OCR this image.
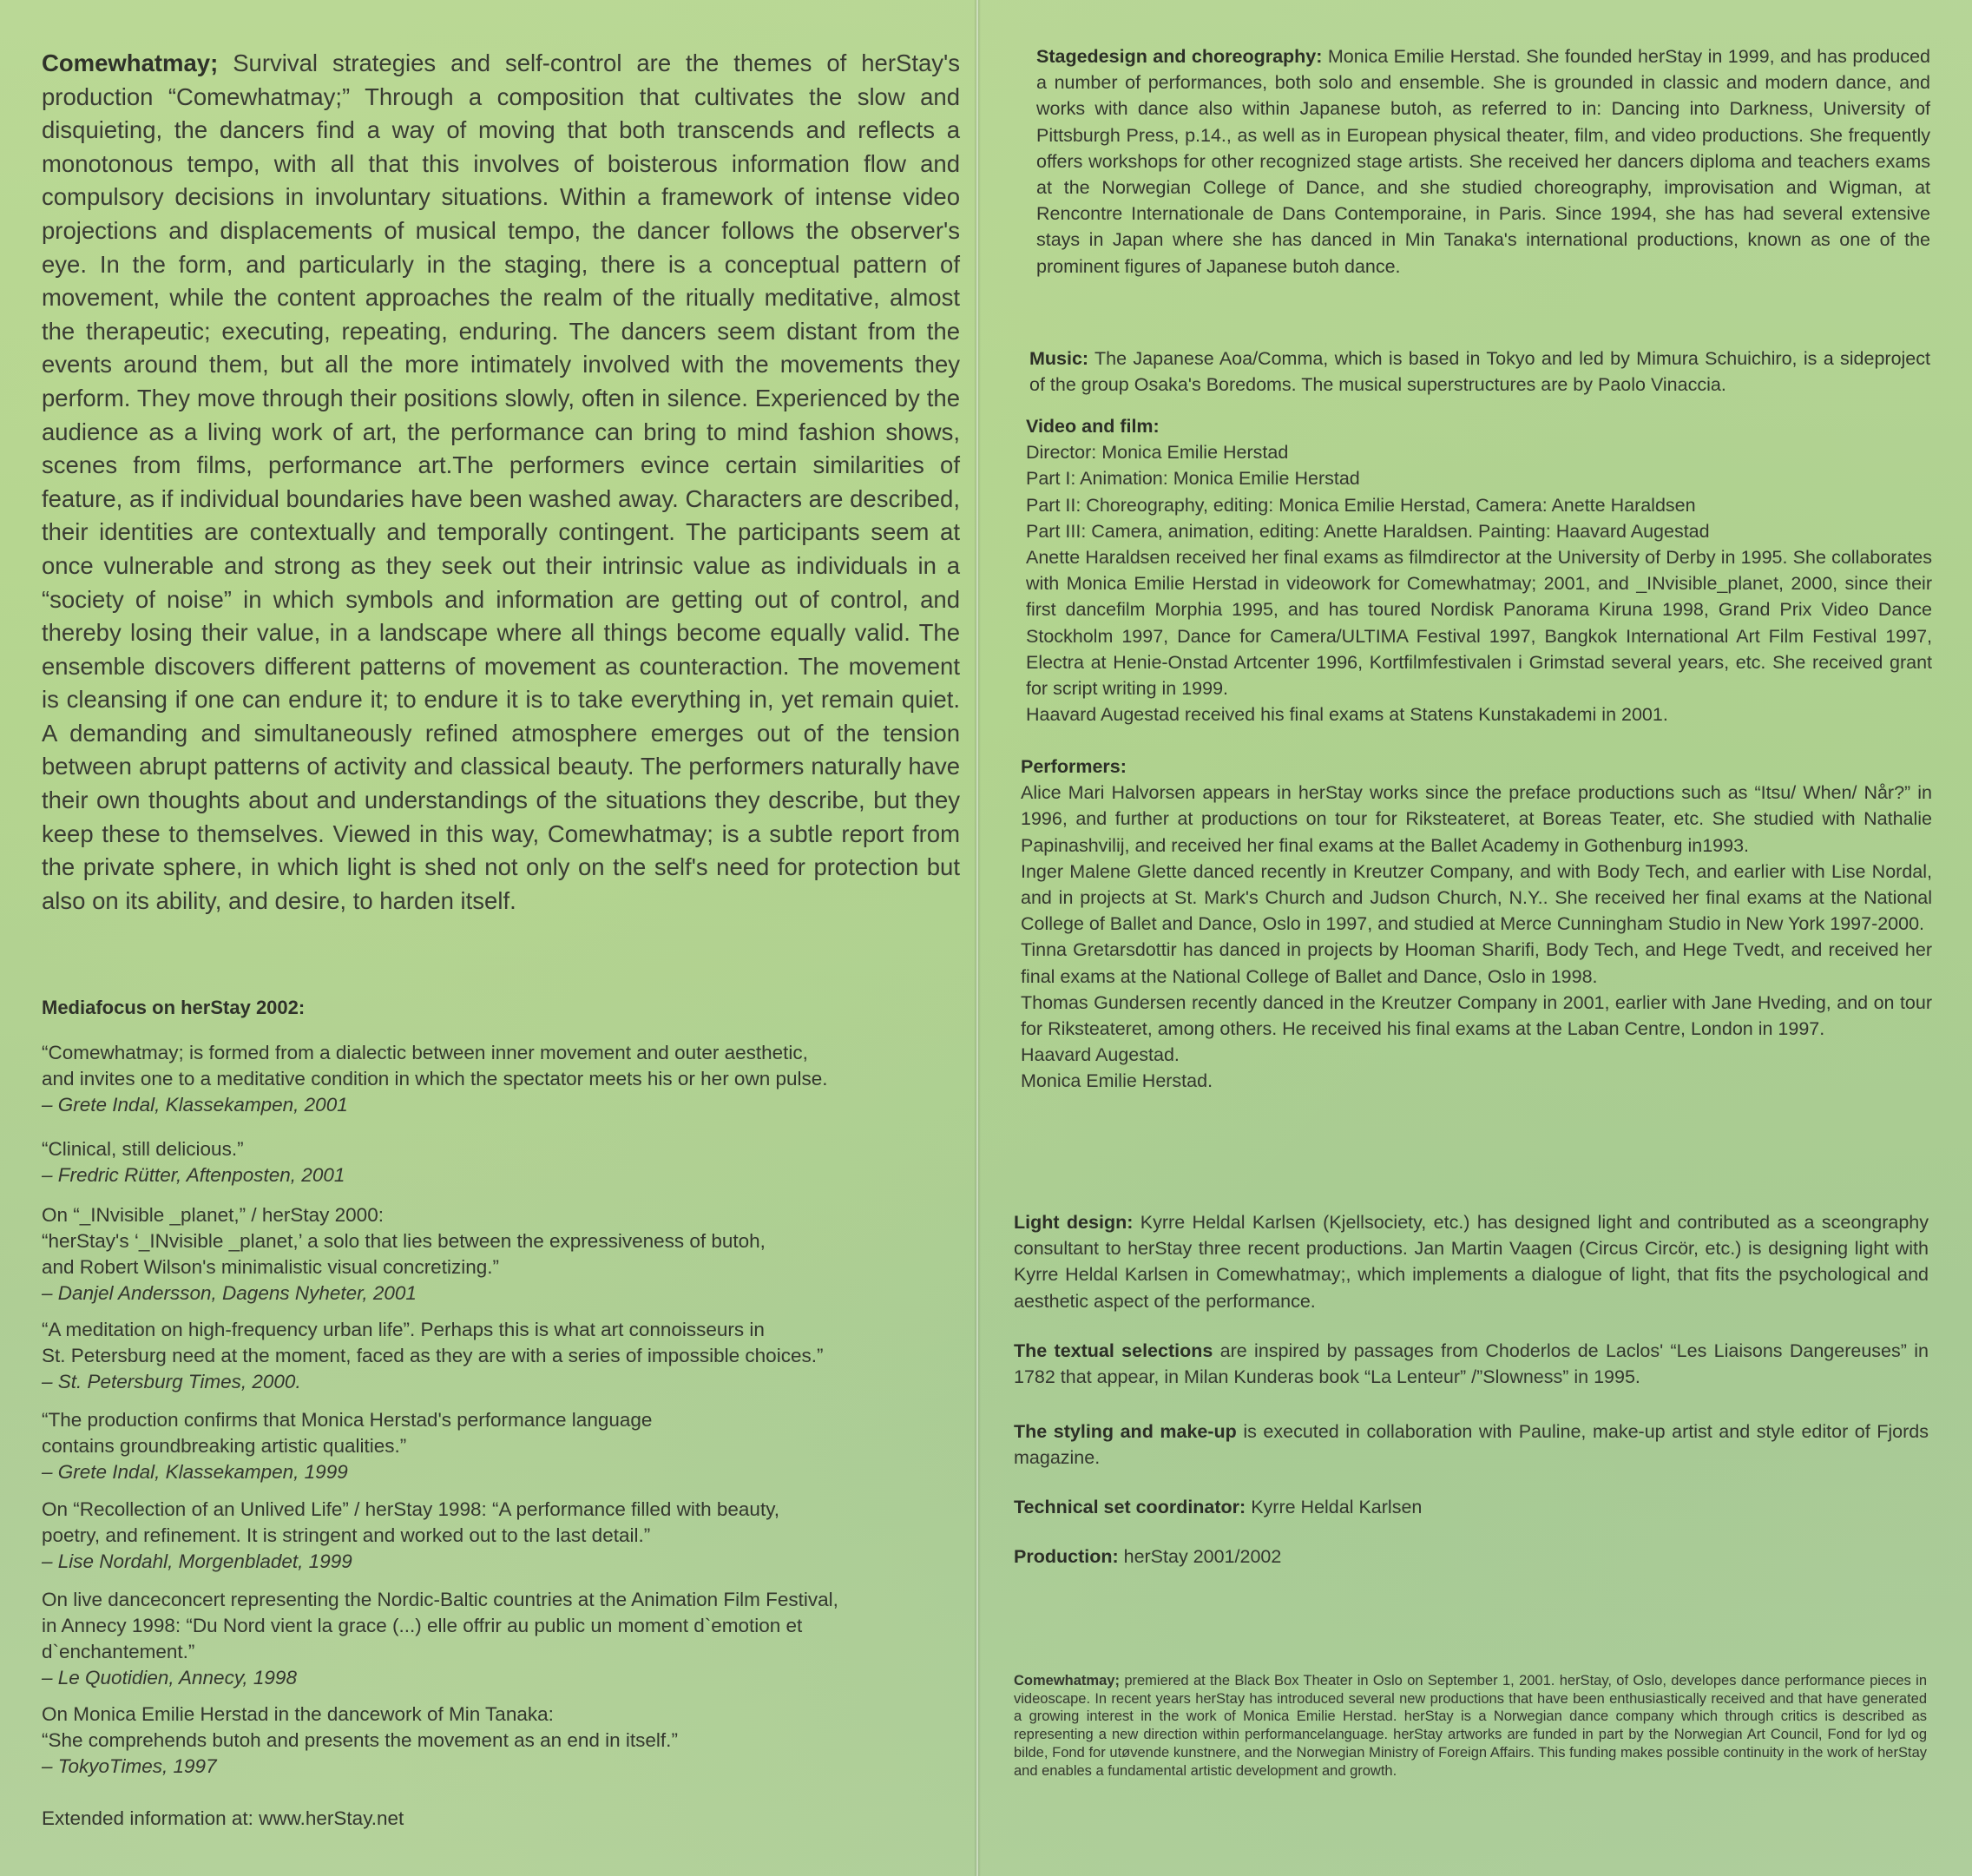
Comewhatmay; Survival strategies and self-control are the themes of herStay's production “Comewhatmay;” Through a composition that cultivates the slow and disquieting, the dancers find a way of moving that both transcends and reflects a monotonous tempo, with all that this involves of boisterous information flow and compulsory decisions in involuntary situations. Within a framework of intense video projections and displacements of musical tempo, the dancer follows the observer's eye. In the form, and particularly in the staging, there is a conceptual pattern of movement, while the content approaches the realm of the ritually meditative, almost the therapeutic; executing, repeating, enduring. The dancers seem distant from the events around them, but all the more intimately involved with the movements they perform. They move through their positions slowly, often in silence. Experienced by the audience as a living work of art, the performance can bring to mind fashion shows, scenes from films, performance art.The performers evince certain similarities of feature, as if individual boundaries have been washed away. Characters are described, their identities are contextually and temporally contingent. The participants seem at once vulnerable and strong as they seek out their intrinsic value as individuals in a “society of noise” in which symbols and information are getting out of control, and thereby losing their value, in a landscape where all things become equally valid. The ensemble discovers different patterns of movement as counteraction. The movement is cleansing if one can endure it; to endure it is to take everything in, yet remain quiet. A demanding and simultaneously refined atmosphere emerges out of the tension between abrupt patterns of activity and classical beauty. The performers naturally have their own thoughts about and understandings of the situations they describe, but they keep these to themselves. Viewed in this way, Comewhatmay; is a subtle report from the private sphere, in which light is shed not only on the self's need for protection but also on its ability, and desire, to harden itself.

Mediafocus on herStay 2002:
“Comewhatmay; is formed from a dialectic between inner movement and outer aesthetic,
and invites one to a meditative condition in which the spectator meets his or her own pulse.
– Grete Indal, Klassekampen, 2001
“Clinical, still delicious.”
– Fredric Rütter, Aftenposten, 2001
On “_INvisible _planet,” / herStay 2000:
“herStay's ‘_INvisible _planet,’ a solo that lies between the expressiveness of butoh,
and Robert Wilson's minimalistic visual concretizing.”
– Danjel Andersson, Dagens Nyheter, 2001
“A meditation on high-frequency urban life”. Perhaps this is what art connoisseurs in
St. Petersburg need at the moment, faced as they are with a series of impossible choices.”
– St. Petersburg Times, 2000.
“The production confirms that Monica Herstad's performance language
contains groundbreaking artistic qualities.”
– Grete Indal, Klassekampen, 1999
On “Recollection of an Unlived Life” / herStay 1998: “A performance filled with beauty,
poetry, and refinement. It is stringent and worked out to the last detail.”
– Lise Nordahl, Morgenbladet, 1999
On live danceconcert representing the Nordic-Baltic countries at the Animation Film Festival,
in Annecy 1998: “Du Nord vient la grace (...) elle offrir au public un moment d`emotion et
d`enchantement.”
– Le Quotidien, Annecy, 1998
On Monica Emilie Herstad in the dancework of Min Tanaka:
“She comprehends butoh and presents the movement as an end in itself.”
– TokyoTimes, 1997
Extended information at: www.herStay.net
Stagedesign and choreography: Monica Emilie Herstad. She founded herStay in 1999, and has produced a number of performances, both solo and ensemble. She is grounded in classic and modern dance, and works with dance also within Japanese butoh, as referred to in: Dancing into Darkness, University of Pittsburgh Press, p.14., as well as in European physical theater, film, and video productions. She frequently offers workshops for other recognized stage artists. She received her dancers diploma and teachers exams at the Norwegian College of Dance, and she studied choreography, improvisation and Wigman, at Rencontre Internationale de Dans Contemporaine, in Paris. Since 1994, she has had several extensive stays in Japan where she has danced in Min Tanaka's international productions, known as one of the prominent figures of Japanese butoh dance.
Music: The Japanese Aoa/Comma, which is based in Tokyo and led by Mimura Schuichiro, is a sideproject of the group Osaka's Boredoms. The musical superstructures are by Paolo Vinaccia.
Video and film:
Director: Monica Emilie Herstad
Part I: Animation: Monica Emilie Herstad
Part II: Choreography, editing: Monica Emilie Herstad, Camera: Anette Haraldsen
Part III: Camera, animation, editing: Anette Haraldsen. Painting: Haavard Augestad
Anette Haraldsen received her final exams as filmdirector at the University of Derby in 1995. She collaborates with Monica Emilie Herstad in videowork for Comewhatmay; 2001, and _INvisible_planet, 2000, since their first dancefilm Morphia 1995, and has toured Nordisk Panorama Kiruna 1998, Grand Prix Video Dance Stockholm 1997, Dance for Camera/ULTIMA Festival 1997, Bangkok International Art Film Festival 1997, Electra at Henie-Onstad Artcenter 1996, Kortfilmfestivalen i Grimstad several years, etc. She received grant for script writing in 1999.
Haavard Augestad received his final exams at Statens Kunstakademi in 2001.
Performers:
Alice Mari Halvorsen appears in herStay works since the preface productions such as “Itsu/ When/ Når?” in 1996, and further at productions on tour for Riksteateret, at Boreas Teater, etc. She studied with Nathalie Papinashvilij, and received her final exams at the Ballet Academy in Gothenburg in1993.
Inger Malene Glette danced recently in Kreutzer Company, and with Body Tech, and earlier with Lise Nordal, and in projects at St. Mark's Church and Judson Church, N.Y.. She received her final exams at the National College of Ballet and Dance, Oslo in 1997, and studied at Merce Cunningham Studio in New York 1997-2000.
Tinna Gretarsdottir has danced in projects by Hooman Sharifi, Body Tech, and Hege Tvedt, and received her final exams at the National College of Ballet and Dance, Oslo in 1998.
Thomas Gundersen recently danced in the Kreutzer Company in 2001, earlier with Jane Hveding, and on tour for Riksteateret, among others. He received his final exams at the Laban Centre, London in 1997.
Haavard Augestad.
Monica Emilie Herstad.
Light design: Kyrre Heldal Karlsen (Kjellsociety, etc.) has designed light and contributed as a sceongraphy consultant to herStay three recent productions. Jan Martin Vaagen (Circus Circör, etc.) is designing light with Kyrre Heldal Karlsen in Comewhatmay;, which implements a dialogue of light, that fits the psychological and aesthetic aspect of the performance.
The textual selections are inspired by passages from Choderlos de Laclos' “Les Liaisons Dangereuses” in 1782 that appear, in Milan Kunderas book “La Lenteur” /”Slowness” in 1995.
The styling and make-up is executed in collaboration with Pauline, make-up artist and style editor of Fjords magazine.
Technical set coordinator: Kyrre Heldal Karlsen
Production: herStay 2001/2002
Comewhatmay; premiered at the Black Box Theater in Oslo on September 1, 2001. herStay, of Oslo, developes dance performance pieces in videoscape. In recent years herStay has introduced several new productions that have been enthusiastically received and that have generated a growing interest in the work of Monica Emilie Herstad. herStay is a Norwegian dance company which through critics is described as representing a new direction within performancelanguage. herStay artworks are funded in part by the Norwegian Art Council, Fond for lyd og bilde, Fond for utøvende kunstnere, and the Norwegian Ministry of Foreign Affairs. This funding makes possible continuity in the work of herStay and enables a fundamental artistic development and growth.
